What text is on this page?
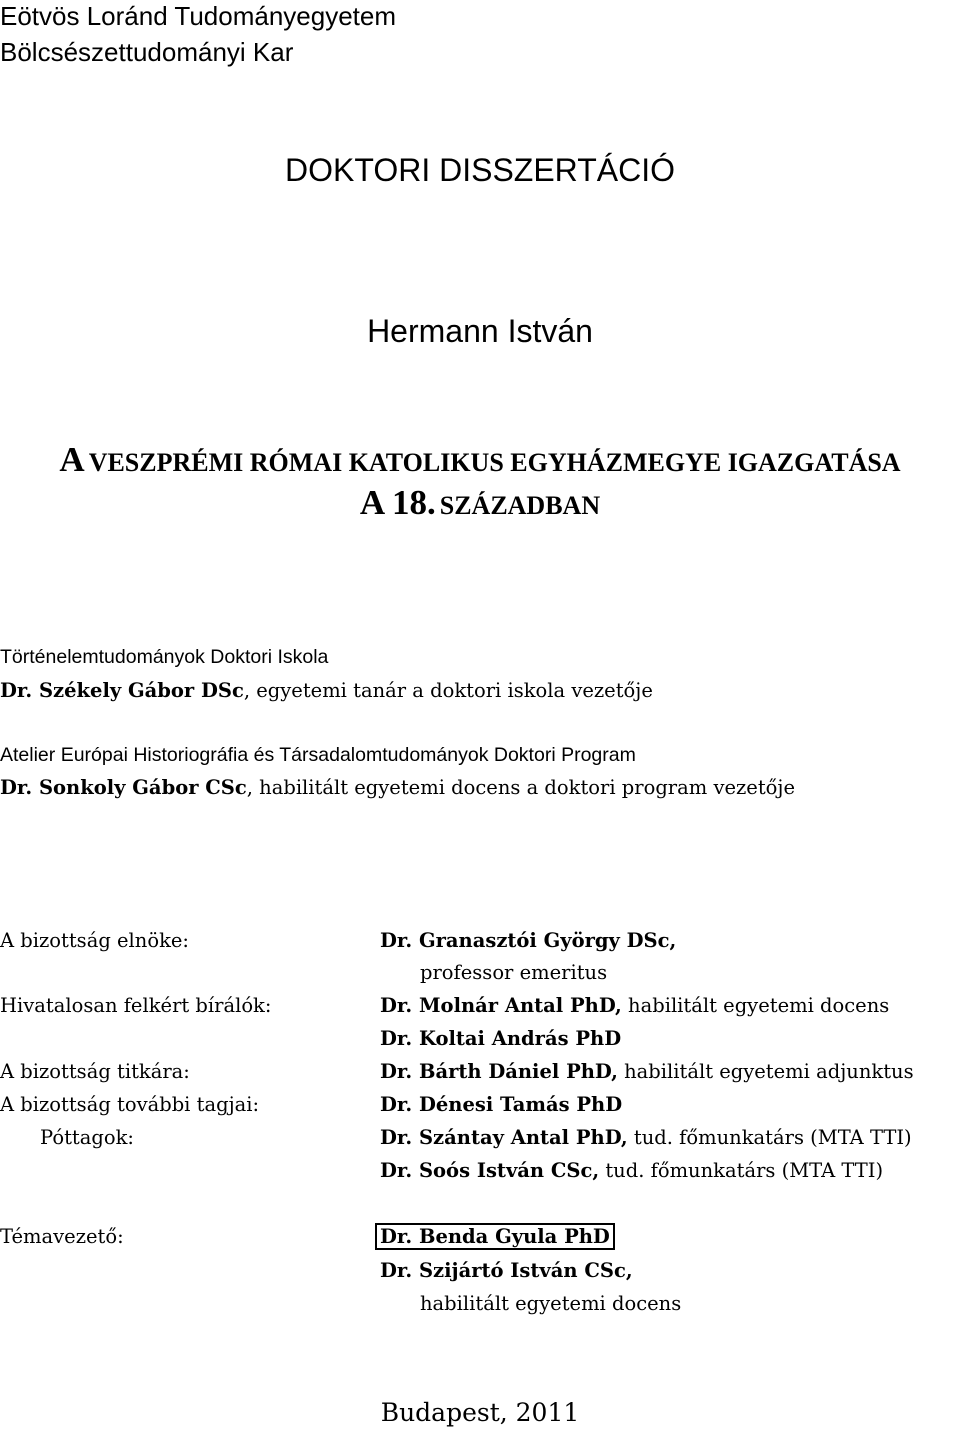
Eötvös Loránd Tudományegyetem
Bölcsészettudományi Kar
DOKTORI DISSZERTÁCIÓ
Hermann István
A VESZPRÉMI RÓMAI KATOLIKUS EGYHÁZMEGYE IGAZGATÁSA
A 18. SZÁZADBAN
Történelemtudományok Doktori Iskola
Dr. Székely Gábor DSc, egyetemi tanár a doktori iskola vezetője
Atelier Európai Historiográfia és Társadalomtudományok Doktori Program
Dr. Sonkoly Gábor CSc, habilitált egyetemi docens a doktori program vezetője
A bizottság elnöke:
Hivatalosan felkért bírálók:
A bizottság titkára:
A bizottság további tagjai:
Póttagok:
Témavezető:
Dr. Granasztói György DSc,
professor emeritus
Dr. Molnár Antal PhD, habilitált egyetemi docens
Dr. Koltai András PhD
Dr. Bárth Dániel PhD, habilitált egyetemi adjunktus
Dr. Dénesi Tamás PhD
Dr. Szántay Antal PhD, tud. főmunkatárs (MTA TTI)
Dr. Soós István CSc, tud. főmunkatárs (MTA TTI)
Dr. Benda Gyula PhD
Dr. Szijártó István CSc,
habilitált egyetemi docens
Budapest, 2011
